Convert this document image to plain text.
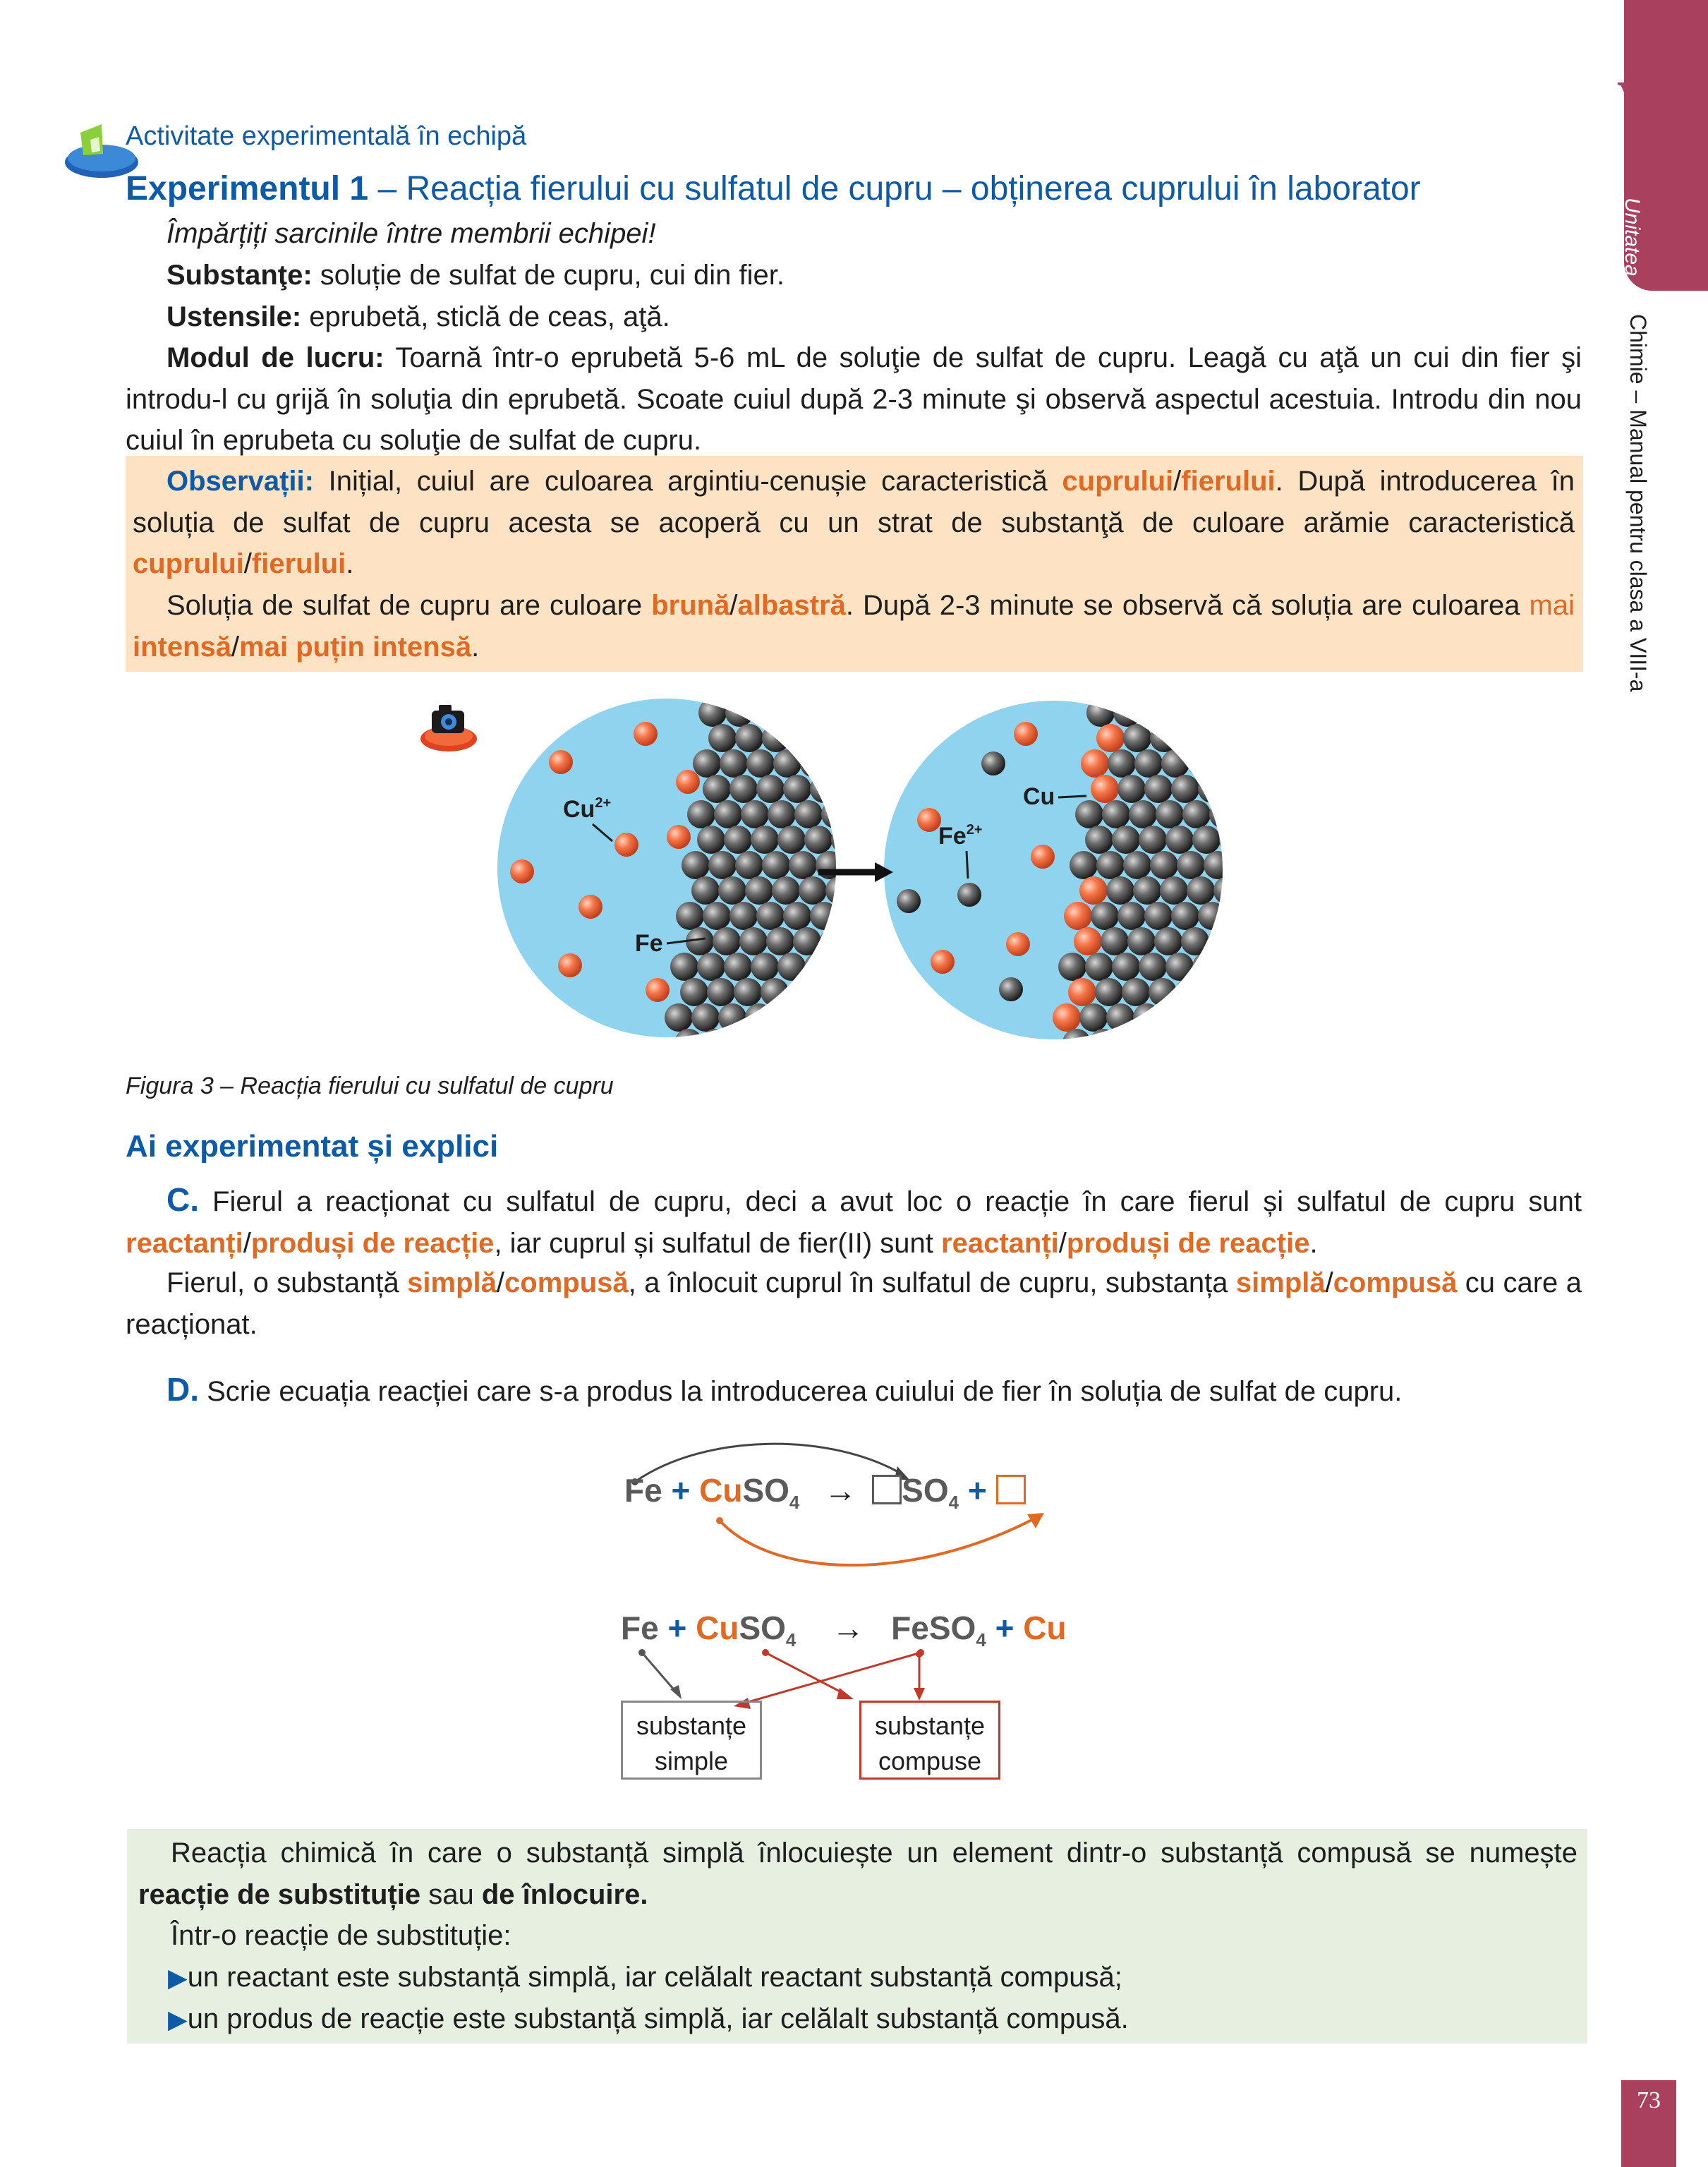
V
Unitatea
Chimie – Manual pentru clasa a VIII-a
73
Activitate experimentală în echipă
Experimentul 1 – Reacția fierului cu sulfatul de cupru – obținerea cuprului în laborator
Împărțiți sarcinile între membrii echipei!
Substanţe: soluție de sulfat de cupru, cui din fier.
Ustensile: eprubetă, sticlă de ceas, aţă.

Modul de lucru: Toarnă într-o eprubetă 5-6 mL de soluţie de sulfat de cupru. Leagă cu aţă un cui din fier şi introdu-l cu grijă în soluţia din eprubetă. Scoate cuiul după 2-3 minute şi observă aspectul acestuia. Introdu din nou cuiul în eprubeta cu soluţie de sulfat de cupru.

Observații: Inițial, cuiul are culoarea argintiu-cenușie caracteristică cuprului/fierului. După introducerea în soluția de sulfat de cupru acesta se acoperă cu un strat de substanţă de culoare arămie caracteristică cuprului/fierului.

Soluția de sulfat de cupru are culoare brună/albastră. După 2-3 minute se observă că soluția are culoarea mai intensă/mai puțin intensă.

$Cu^{2+}$
Fe
$Fe^{2+}$
Cu
Figura 3 – Reacția fierului cu sulfatul de cupru
Ai experimentat și explici

C. Fierul a reacționat cu sulfatul de cupru, deci a avut loc o reacție în care fierul și sulfatul de cupru sunt reactanți/produși de reacție, iar cuprul și sulfatul de fier(II) sunt reactanți/produși de reacție.

Fierul, o substanță simplă/compusă, a înlocuit cuprul în sulfatul de cupru, substanța simplă/compusă cu care a reacționat.

D. Scrie ecuația reacției care s-a produs la introducerea cuiului de fier în soluția de sulfat de cupru.
Fe + CuSO$_4$ → $SO_4$ +
Fe + CuSO$_4$ → FeSO$_4$ + Cu
substanțe
simple
substanțe
compuse

Reacția chimică în care o substanță simplă înlocuiește un element dintr-o substanță compusă se numește reacție de substituție sau de înlocuire.

Într-o reacție de substituție:
▶un reactant este substanță simplă, iar celălalt reactant substanță compusă;
▶un produs de reacție este substanță simplă, iar celălalt substanță compusă.
